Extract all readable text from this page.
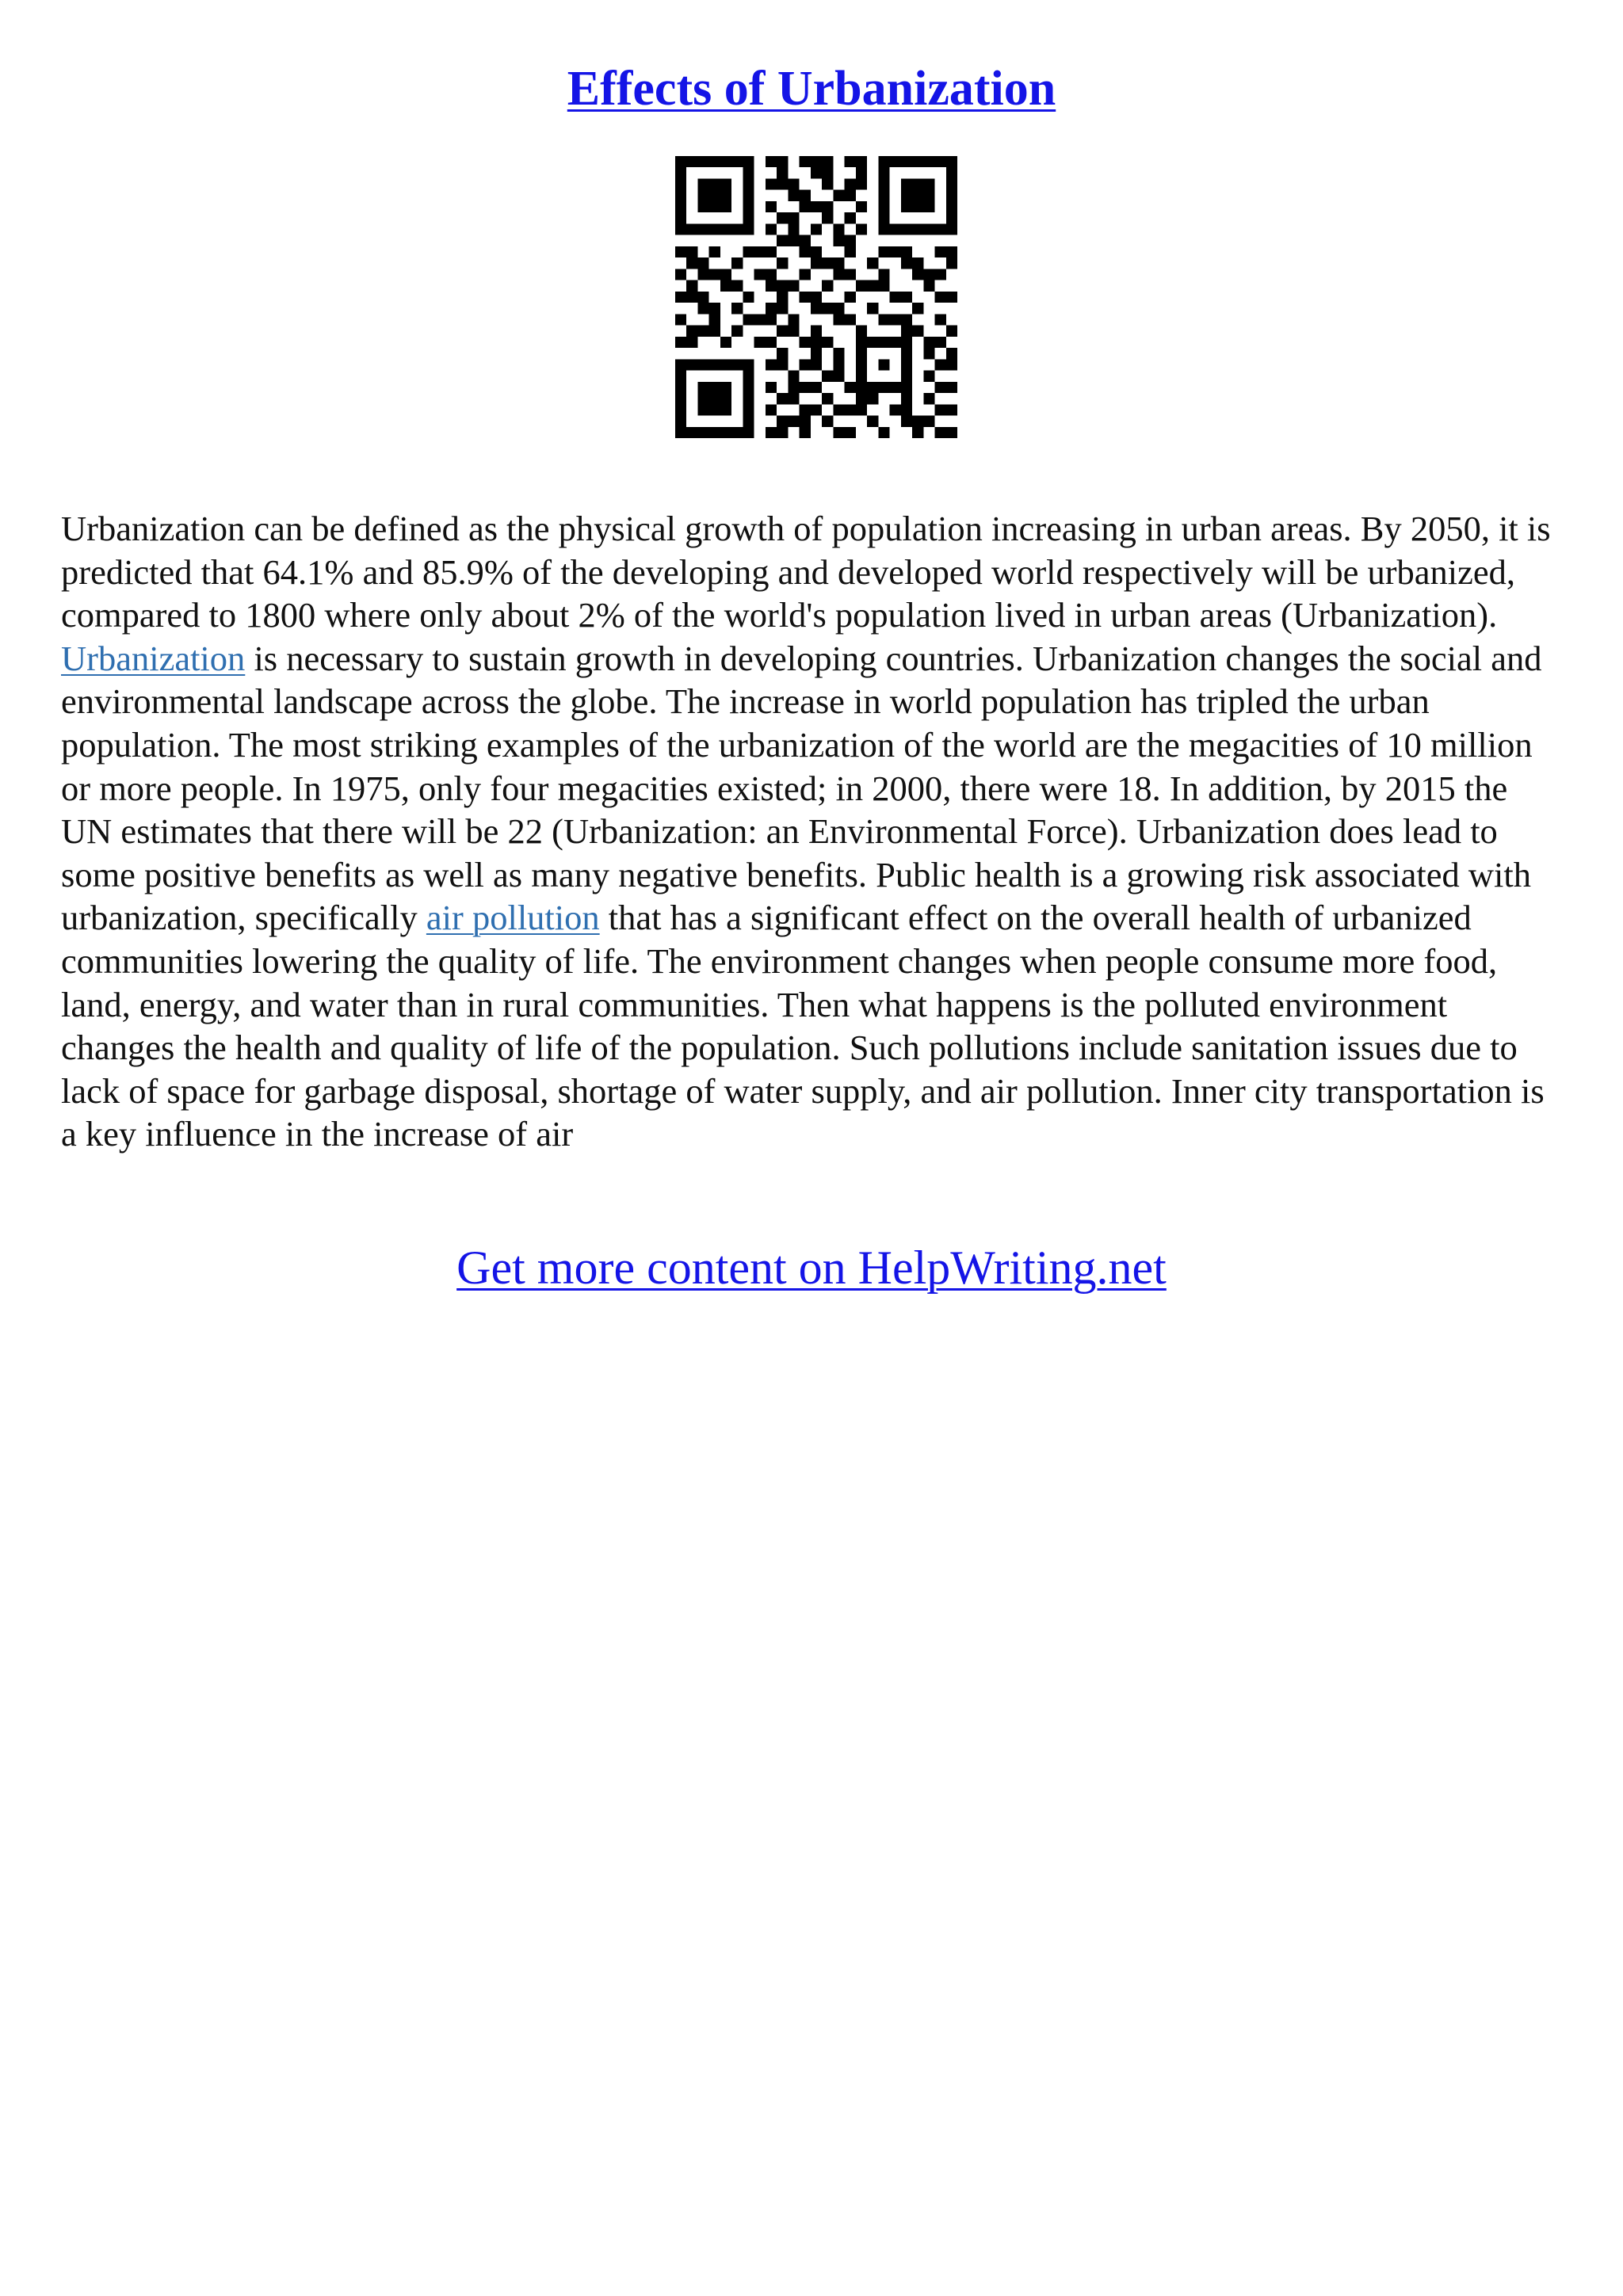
Effects of Urbanization

Urbanization can be defined as the physical growth of population increasing in urban areas. By 2050, it is predicted that 64.1% and 85.9% of the developing and developed world respectively will be urbanized, compared to 1800 where only about 2% of the world's population lived in urban areas (Urbanization). Urbanization is necessary to sustain growth in developing countries. Urbanization changes the social and environmental landscape across the globe. The increase in world population has tripled the urban population. The most striking examples of the urbanization of the world are the megacities of 10 million or more people. In 1975, only four megacities existed; in 2000, there were 18. In addition, by 2015 the UN estimates that there will be 22 (Urbanization: an Environmental Force). Urbanization does lead to some positive benefits as well as many negative benefits. Public health is a growing risk associated with urbanization, specifically air pollution that has a significant effect on the overall health of urbanized communities lowering the quality of life. The environment changes when people consume more food, land, energy, and water than in rural communities. Then what happens is the polluted environment changes the health and quality of life of the population. Such pollutions include sanitation issues due to lack of space for garbage disposal, shortage of water supply, and air pollution. Inner city transportation is a key influence in the increase of air

Get more content on HelpWriting.net
